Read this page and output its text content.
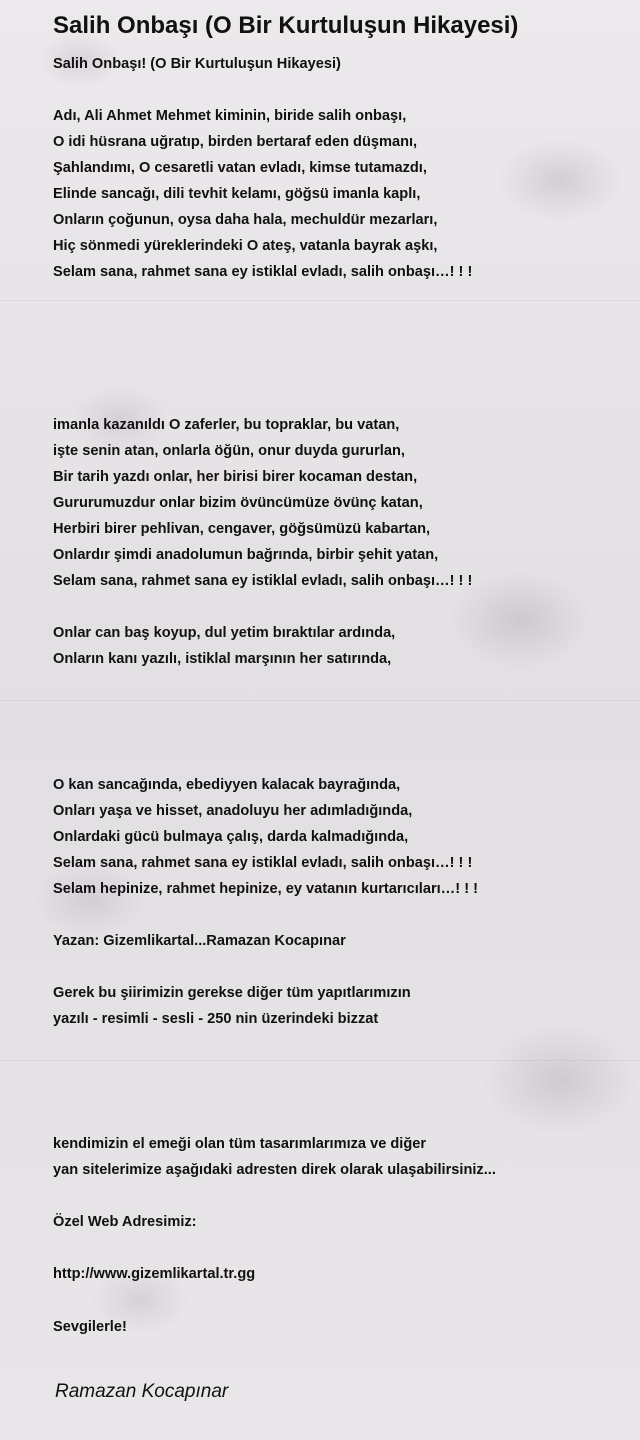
Salih Onbaşı (O Bir Kurtuluşun Hikayesi)

Salih Onbaşı! (O Bir Kurtuluşun Hikayesi)

Adı, Ali Ahmet Mehmet kiminin, biride salih onbaşı,

O idi hüsrana uğratıp, birden bertaraf eden düşmanı,

Şahlandımı, O cesaretli vatan evladı, kimse tutamazdı,

Elinde sancağı, dili tevhit kelamı, göğsü imanla kaplı,

Onların çoğunun, oysa daha hala, mechuldür mezarları,

Hiç sönmedi yüreklerindeki O ateş, vatanla bayrak aşkı,

Selam sana, rahmet sana ey istiklal evladı, salih onbaşı…! ! !

imanla kazanıldı O zaferler, bu topraklar, bu vatan,

işte senin atan, onlarla öğün, onur duyda gururlan,

Bir tarih yazdı onlar, her birisi birer kocaman destan,

Gururumuzdur onlar bizim övüncümüze övünç katan,

Herbiri birer pehlivan, cengaver, göğsümüzü kabartan,

Onlardır şimdi anadolumun bağrında, birbir şehit yatan,

Selam sana, rahmet sana ey istiklal evladı, salih onbaşı…! ! !

Onlar can baş koyup, dul yetim bıraktılar ardında,

Onların kanı yazılı, istiklal marşının her satırında,

O kan sancağında, ebediyyen kalacak bayrağında,

Onları yaşa ve hisset, anadoluyu her adımladığında,

Onlardaki gücü bulmaya çalış, darda kalmadığında,

Selam sana, rahmet sana ey istiklal evladı, salih onbaşı…! ! !

Selam hepinize, rahmet hepinize, ey vatanın kurtarıcıları…! ! !

Yazan: Gizemlikartal...Ramazan Kocapınar

Gerek bu şiirimizin gerekse diğer tüm yapıtlarımızın

yazılı - resimli - sesli - 250 nin üzerindeki bizzat

kendimizin el emeği olan tüm tasarımlarımıza ve diğer

yan sitelerimize aşağıdaki adresten direk olarak ulaşabilirsiniz...

Özel Web Adresimiz:

http://www.gizemlikartal.tr.gg

Sevgilerle!

Ramazan Kocapınar
